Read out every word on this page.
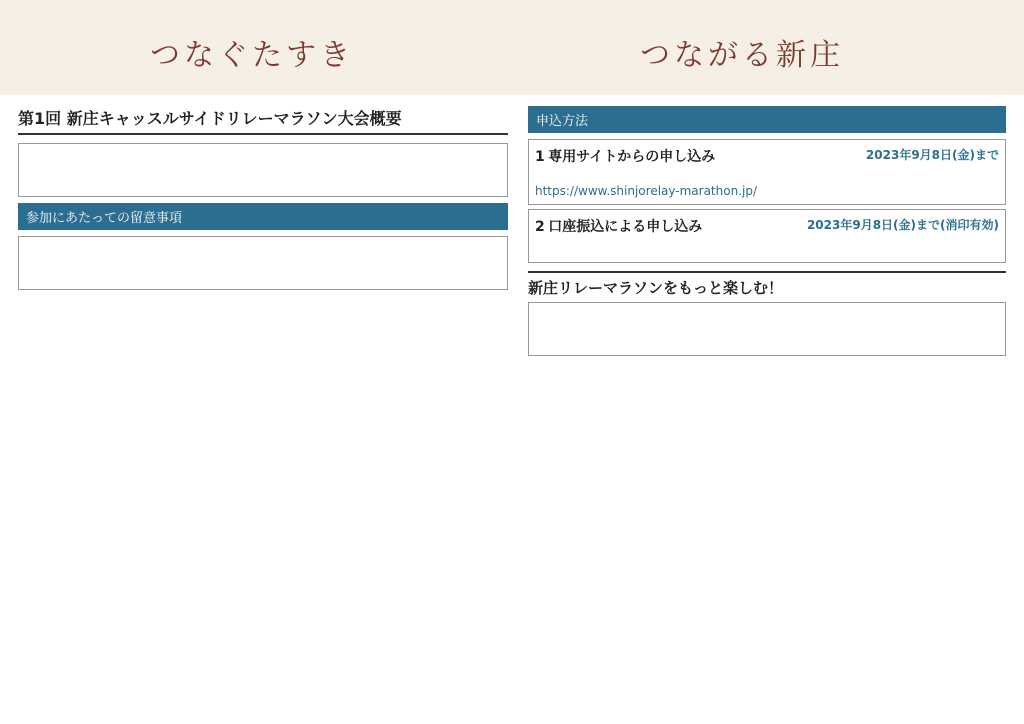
つなぐたすき	つながる新庄
第1回 新庄キャッスルサイドリレーマラソン大会概要
参加にあたっての留意事項
申込方法
2023年9月8日(金)まで
1 専用サイトからの申し込み
https://www.shinjorelay-marathon.jp/
2023年9月8日(金)まで(消印有効)
2 口座振込による申し込み
新庄リレーマラソンをもっと楽しむ！
